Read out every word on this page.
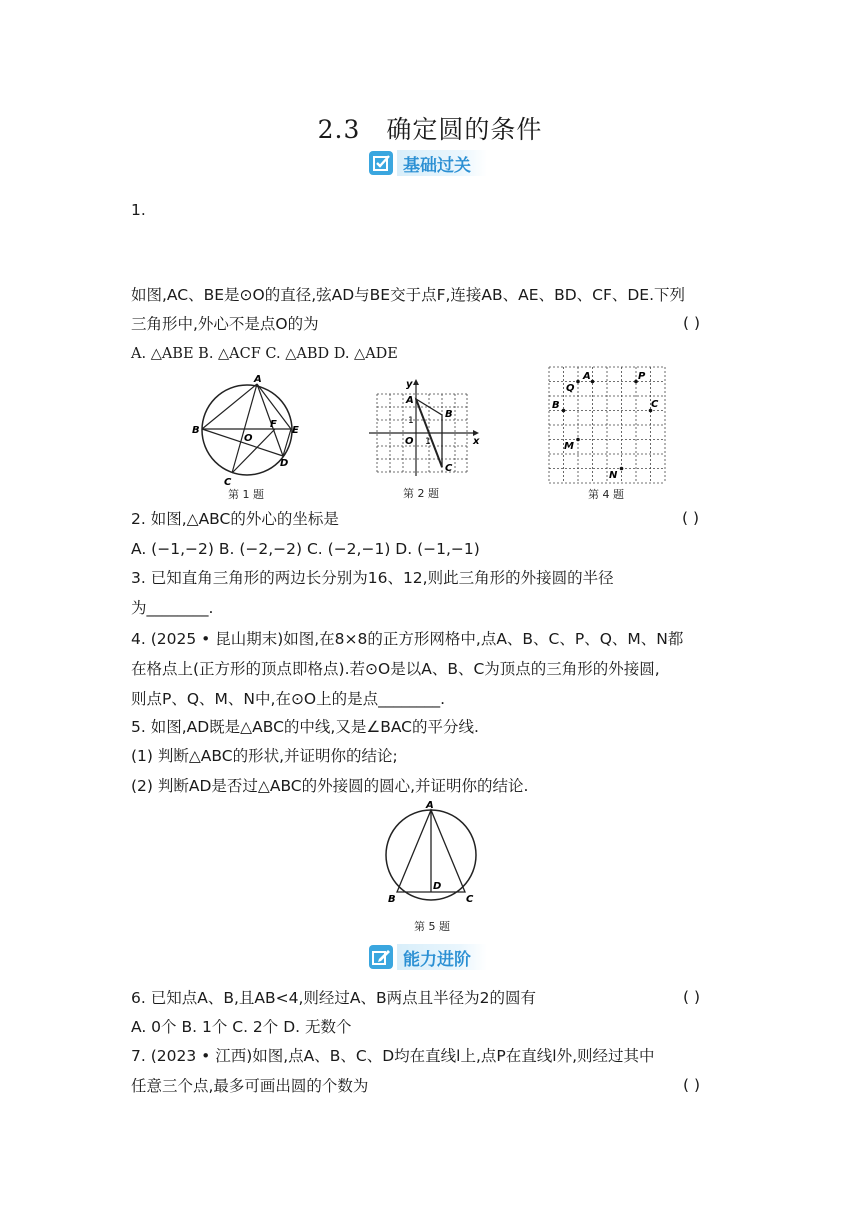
2.3　确定圆的条件
基础过关
1.
如图,AC、BE是⊙O的直径,弦AD与BE交于点F,连接AB、AE、BD、CF、DE.下列
三角形中,外心不是点O的为	( )
A. △ABE B. △ACF C. △ABD D. △ADE
A
B
C
D
E
F
O
第 1 题
y
x
A
B
C
O
1
1
第 2 题
Q
A	P
B	C
M
N
第 4 题
2. 如图,△ABC的外心的坐标是	( )
A. (−1,−2) B. (−2,−2) C. (−2,−1) D. (−1,−1)
3. 已知直角三角形的两边长分别为16、12,则此三角形的外接圆的半径
为________.
4. (2025 • 昆山期末)如图,在8×8的正方形网格中,点A、B、C、P、Q、M、N都
在格点上(正方形的顶点即格点).若⊙O是以A、B、C为顶点的三角形的外接圆,
则点P、Q、M、N中,在⊙O上的是点________.
5. 如图,AD既是△ABC的中线,又是∠BAC的平分线.
(1) 判断△ABC的形状,并证明你的结论;
(2) 判断AD是否过△ABC的外接圆的圆心,并证明你的结论.
A
B	C
D
第 5 题
能力进阶
6. 已知点A、B,且AB<4,则经过A、B两点且半径为2的圆有	( )
A. 0个 B. 1个 C. 2个 D. 无数个
7. (2023 • 江西)如图,点A、B、C、D均在直线l上,点P在直线l外,则经过其中
任意三个点,最多可画出圆的个数为	( )
